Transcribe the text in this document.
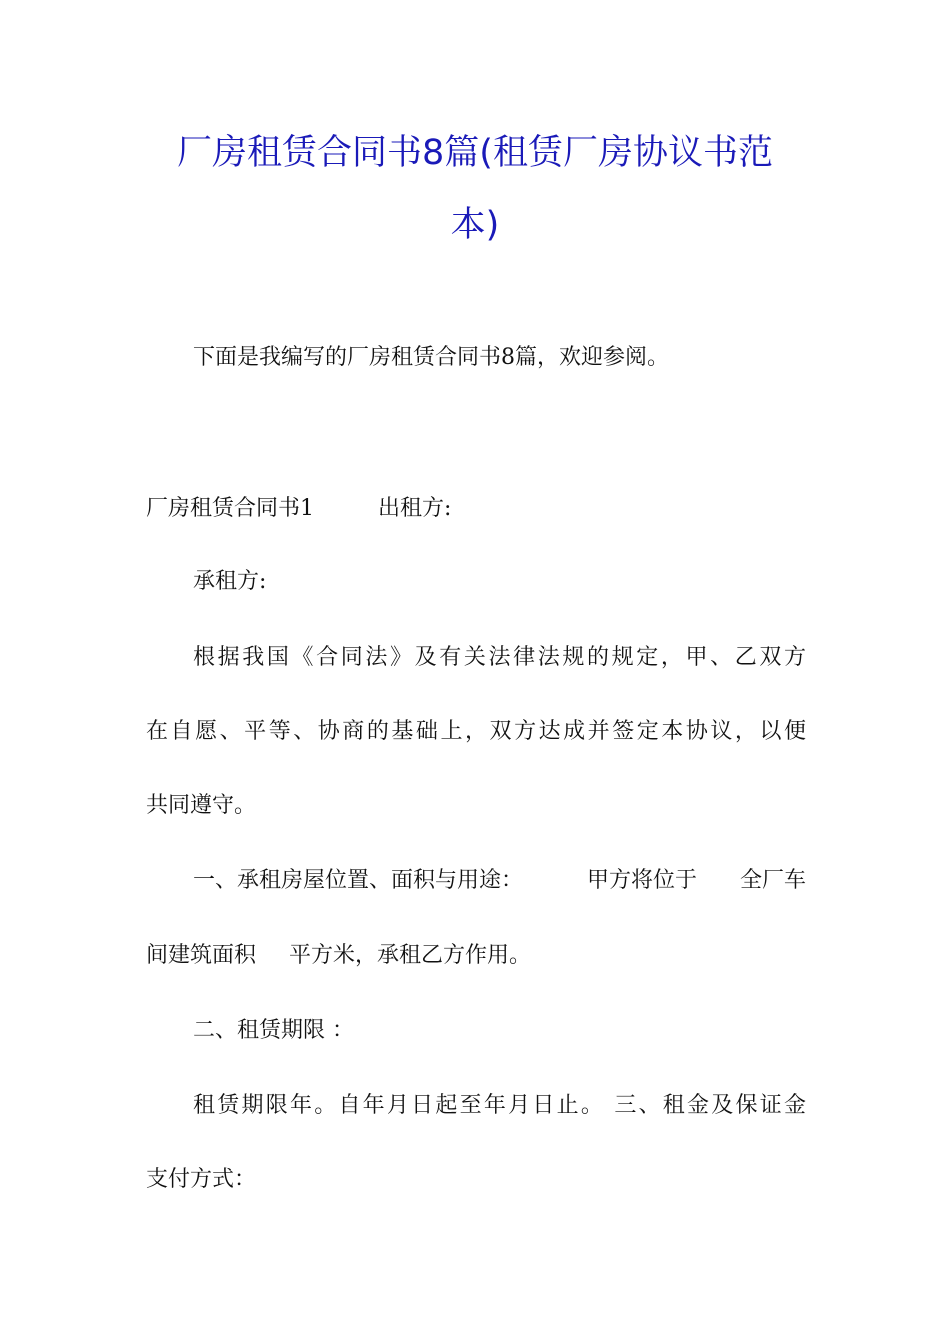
厂房租赁合同书8篇(租赁厂房协议书范
本)
下面是我编写的厂房租赁合同书8篇，欢迎参阅。
厂房租赁合同书1	出租方:
承租方:
根据我国《合同法》及有关法律法规的规定，甲、乙双方
在自愿、平等、协商的基础上，双方达成并签定本协议，以便
共同遵守。
一、承租房屋位置、面积与用途：	甲方将位于 全厂车
间建筑面积 平方米，承租乙方作用。
二、租赁期限 ：
租赁期限年。自年月日起至年月日止。 三、租金及保证金
支付方式：
